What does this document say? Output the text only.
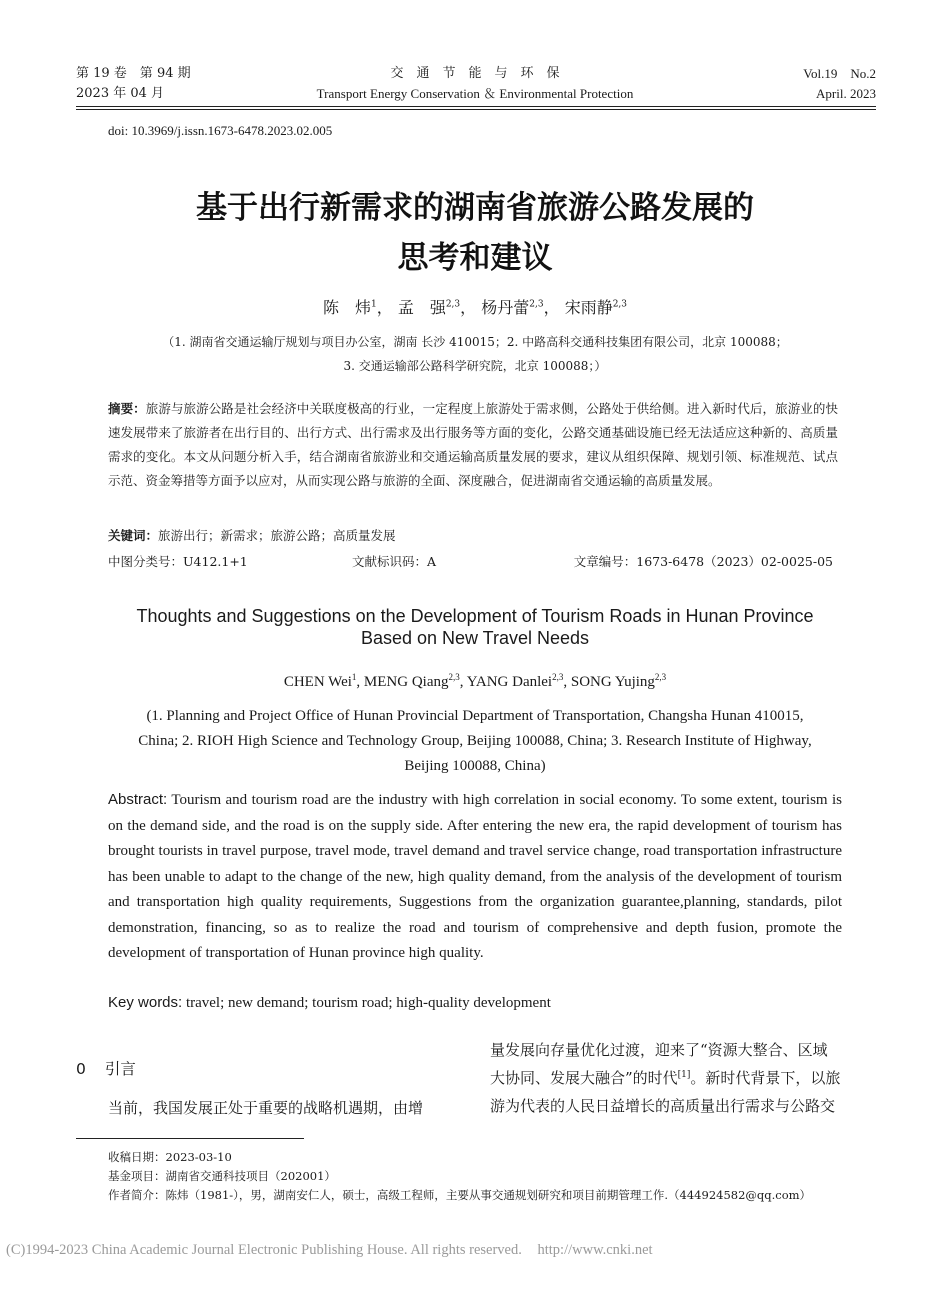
第 19 卷　第 94 期
2023 年 04 月
交　通　节　能　与　环　保
Transport Energy Conservation ＆ Environmental Protection
Vol.19　No.2
April. 2023
doi: 10.3969/j.issn.1673-6478.2023.02.005
基于出行新需求的湖南省旅游公路发展的
思考和建议
陈　炜$^1$， 孟　强$^{2,3}$， 杨丹蕾$^{2,3}$， 宋雨静$^{2,3}$
（1. 湖南省交通运输厅规划与项目办公室，湖南 长沙 410015；2. 中路高科交通科技集团有限公司，北京 100088；
3. 交通运输部公路科学研究院，北京 100088；）
摘要：旅游与旅游公路是社会经济中关联度极高的行业，一定程度上旅游处于需求侧，公路处于供给侧。进入新时代后，旅游业的快速发展带来了旅游者在出行目的、出行方式、出行需求及出行服务等方面的变化，公路交通基础设施已经无法适应这种新的、高质量需求的变化。本文从问题分析入手，结合湖南省旅游业和交通运输高质量发展的要求，建议从组织保障、规划引领、标准规范、试点示范、资金筹措等方面予以应对，从而实现公路与旅游的全面、深度融合，促进湖南省交通运输的高质量发展。
关键词：旅游出行；新需求；旅游公路；高质量发展
中图分类号：U412.1+1	文献标识码：A	文章编号：1673-6478（2023）02-0025-05
Thoughts and Suggestions on the Development of Tourism Roads in Hunan Province
Based on New Travel Needs
CHEN Wei$^1$, MENG Qiang$^{2,3}$, YANG Danlei$^{2,3}$, SONG Yujing$^{2,3}$
(1. Planning and Project Office of Hunan Provincial Department of Transportation, Changsha Hunan 410015,
China; 2. RIOH High Science and Technology Group, Beijing 100088, China; 3. Research Institute of Highway,
Beijing 100088, China)
Abstract: Tourism and tourism road are the industry with high correlation in social economy. To some extent, tourism is on the demand side, and the road is on the supply side. After entering the new era, the rapid development of tourism has brought tourists in travel purpose, travel mode, travel demand and travel service change, road transportation infrastructure has been unable to adapt to the change of the new, high quality demand, from the analysis of the development of tourism and transportation high quality requirements, Suggestions from the organization guarantee,planning, standards, pilot demonstration, financing, so as to realize the road and tourism of comprehensive and depth fusion, promote the development of transportation of Hunan province high quality.
Key words: travel; new demand; tourism road; high-quality development
0 引言
当前，我国发展正处于重要的战略机遇期，由增
量发展向存量优化过渡，迎来了“资源大整合、区域
大协同、发展大融合”的时代[1]。新时代背景下，以旅
游为代表的人民日益增长的高质量出行需求与公路交
收稿日期：2023-03-10
基金项目：湖南省交通科技项目（202001）
作者简介：陈炜（1981-），男，湖南安仁人，硕士，高级工程师，主要从事交通规划研究和项目前期管理工作.（444924582@qq.com）
(C)1994-2023 China Academic Journal Electronic Publishing House. All rights reserved. http://www.cnki.net
